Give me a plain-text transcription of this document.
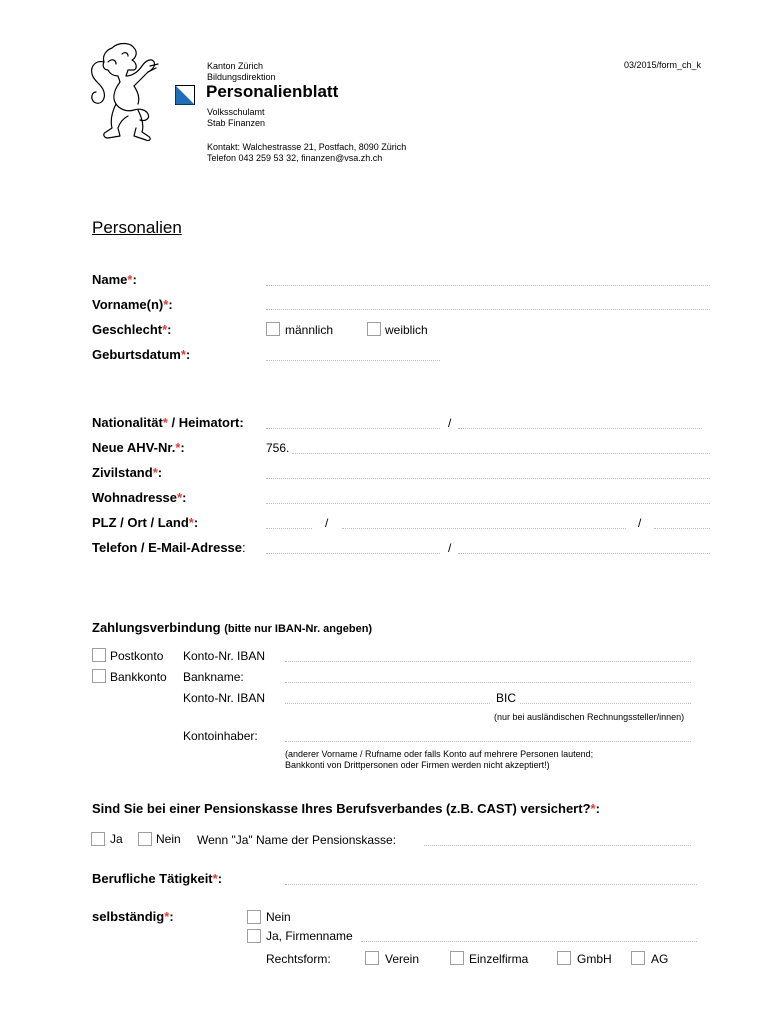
Kanton Zürich
Bildungsdirektion
03/2015/form_ch_k
Personalienblatt
Volksschulamt
Stab Finanzen
Kontakt: Walchestrasse 21, Postfach, 8090 Zürich
Telefon 043 259 53 32, finanzen@vsa.zh.ch
Personalien
Name*:
Vorname(n)*:
Geschlecht*:	männlich	weiblich
Geburtsdatum*:
Nationalität* / Heimatort:	/
Neue AHV-Nr.*:	756.
Zivilstand*:
Wohnadresse*:
PLZ / Ort / Land*:	/	/
Telefon / E-Mail-Adresse:	/
Zahlungsverbindung (bitte nur IBAN-Nr. angeben)
Postkonto Konto-Nr. IBAN
Bankkonto Bankname:
Konto-Nr. IBAN	BIC
(nur bei ausländischen Rechnungssteller/innen)
Kontoinhaber:
(anderer Vorname / Rufname oder falls Konto auf mehrere Personen lautend;
Bankkonti von Drittpersonen oder Firmen werden nicht akzeptiert!)
Sind Sie bei einer Pensionskasse Ihres Berufsverbandes (z.B. CAST) versichert?*:
Ja	Nein Wenn "Ja" Name der Pensionskasse:
Berufliche Tätigkeit*:
selbständig*:	Nein
Ja, Firmenname
Rechtsform:	Verein	Einzelfirma	GmbH	AG
